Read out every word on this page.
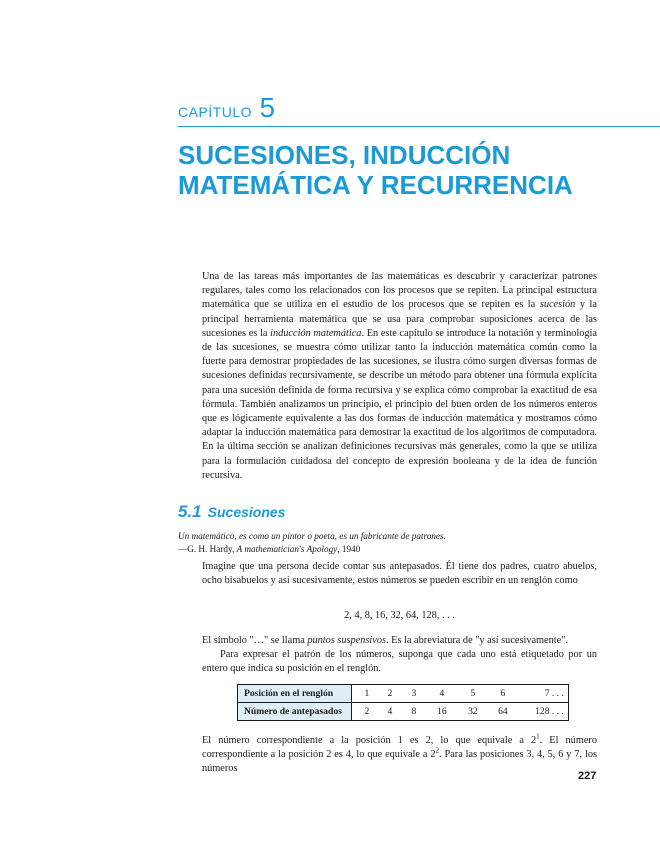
CAPÍTULO 5
SUCESIONES, INDUCCIÓN MATEMÁTICA Y RECURRENCIA

Una de las tareas más importantes de las matemáticas es descubrir y caracterizar patrones regulares, tales como los relacionados con los procesos que se repiten. La principal estructura matemática que se utiliza en el estudio de los procesos que se repiten es la sucesión y la principal herramienta matemática que se usa para comprobar suposiciones acerca de las sucesiones es la inducción matemática. En este capítulo se introduce la notación y terminología de las sucesiones, se muestra cómo utilizar tanto la inducción matemática común como la fuerte para demostrar propiedades de las sucesiones, se ilustra cómo surgen diversas formas de sucesiones definidas recursivamente, se describe un método para obtener una fórmula explícita para una sucesión definida de forma recursiva y se explica cómo comprobar la exactitud de esa fórmula. También analizamos un principio, el principio del buen orden de los números enteros que es lógicamente equivalente a las dos formas de inducción matemática y mostramos cómo adaptar la inducción matemática para demostrar la exactitud de los algoritmos de computadora. En la última sección se analizan definiciones recursivas más generales, como la que se utiliza para la formulación cuidadosa del concepto de expresión booleana y de la idea de función recursiva.

5.1 Sucesiones
Un matemático, es como un pintor o poeta, es un fabricante de patrones.
—G. H. Hardy, A mathematician's Apology, 1940

Imagine que una persona decide contar sus antepasados. Él tiene dos padres, cuatro abuelos, ocho bisabuelos y así sucesivamente, estos números se pueden escribir en un renglón como

2, 4, 8, 16, 32, 64, 128, . . .

El símbolo "…" se llama puntos suspensivos. Es la abreviatura de "y así sucesivamente".

Para expresar el patrón de los números, suponga que cada uno está etiquetado por un entero que indica su posición en el renglón.

Posición en el renglón	1 2 3 4 5 6 7 . . .
Número de antepasados	2 4 8 16 32 64 128 . . .

El número correspondiente a la posición 1 es 2, lo que equivale a $2^1$. El número correspondiente a la posición 2 es 4, lo que equivale a $2^2$. Para las posiciones 3, 4, 5, 6 y 7, los números

227
